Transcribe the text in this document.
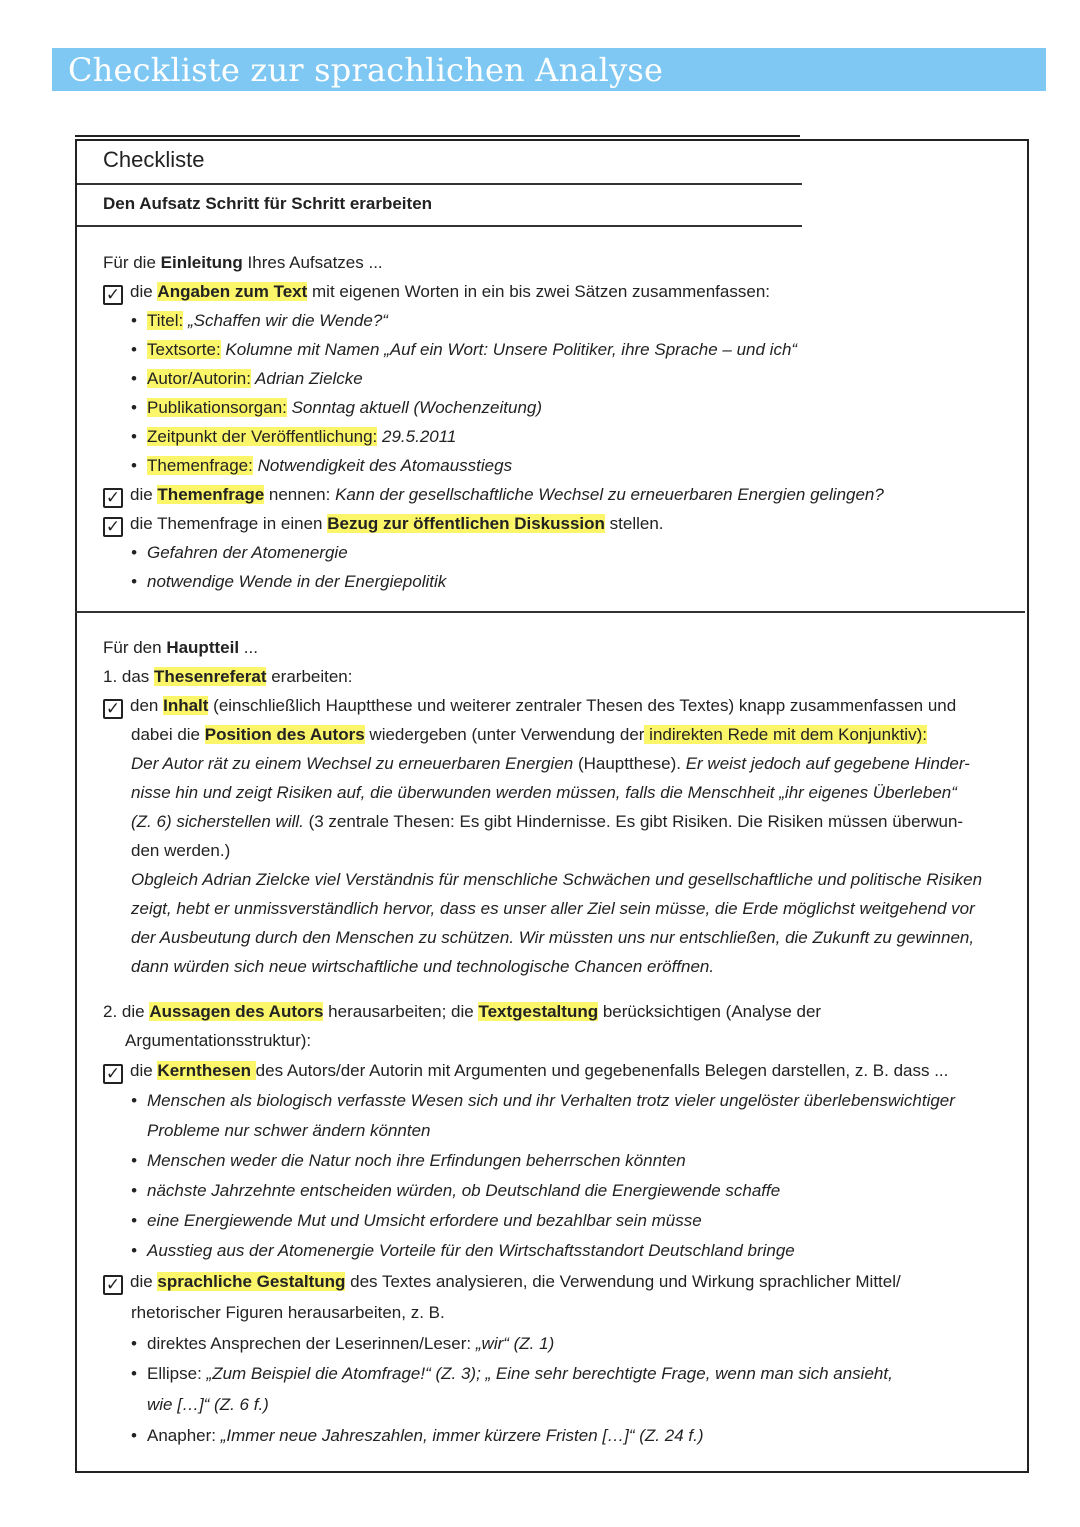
Checkliste zur sprachlichen Analyse
Checkliste
Den Aufsatz Schritt für Schritt erarbeiten
Für die Einleitung Ihres Aufsatzes ...
✓ die Angaben zum Text mit eigenen Worten in ein bis zwei Sätzen zusammenfassen:
• Titel: „Schaffen wir die Wende?“
• Textsorte: Kolumne mit Namen „Auf ein Wort: Unsere Politiker, ihre Sprache – und ich“
• Autor/Autorin: Adrian Zielcke
• Publikationsorgan: Sonntag aktuell (Wochenzeitung)
• Zeitpunkt der Veröffentlichung: 29.5.2011
• Themenfrage: Notwendigkeit des Atomausstiegs
✓ die Themenfrage nennen: Kann der gesellschaftliche Wechsel zu erneuerbaren Energien gelingen?
✓ die Themenfrage in einen Bezug zur öffentlichen Diskussion stellen.
• Gefahren der Atomenergie
• notwendige Wende in der Energiepolitik
Für den Hauptteil ...
1. das Thesenreferat erarbeiten:
✓ den Inhalt (einschließlich Hauptthese und weiterer zentraler Thesen des Textes) knapp zusammenfassen und
dabei die Position des Autors wiedergeben (unter Verwendung der indirekten Rede mit dem Konjunktiv):
Der Autor rät zu einem Wechsel zu erneuerbaren Energien (Hauptthese). Er weist jedoch auf gegebene Hinder-
nisse hin und zeigt Risiken auf, die überwunden werden müssen, falls die Menschheit „ihr eigenes Überleben“
(Z. 6) sicherstellen will. (3 zentrale Thesen: Es gibt Hindernisse. Es gibt Risiken. Die Risiken müssen überwun-
den werden.)
Obgleich Adrian Zielcke viel Verständnis für menschliche Schwächen und gesellschaftliche und politische Risiken
zeigt, hebt er unmissverständlich hervor, dass es unser aller Ziel sein müsse, die Erde möglichst weitgehend vor
der Ausbeutung durch den Menschen zu schützen. Wir müssten uns nur entschließen, die Zukunft zu gewinnen,
dann würden sich neue wirtschaftliche und technologische Chancen eröffnen.
2. die Aussagen des Autors herausarbeiten; die Textgestaltung berücksichtigen (Analyse der
Argumentationsstruktur):
✓ die Kernthesen des Autors/der Autorin mit Argumenten und gegebenenfalls Belegen darstellen, z. B. dass ...
• Menschen als biologisch verfasste Wesen sich und ihr Verhalten trotz vieler ungelöster überlebenswichtiger
Probleme nur schwer ändern könnten
• Menschen weder die Natur noch ihre Erfindungen beherrschen könnten
• nächste Jahrzehnte entscheiden würden, ob Deutschland die Energiewende schaffe
• eine Energiewende Mut und Umsicht erfordere und bezahlbar sein müsse
• Ausstieg aus der Atomenergie Vorteile für den Wirtschaftsstandort Deutschland bringe
✓ die sprachliche Gestaltung des Textes analysieren, die Verwendung und Wirkung sprachlicher Mittel/
rhetorischer Figuren herausarbeiten, z. B.
• direktes Ansprechen der Leserinnen/Leser: „wir“ (Z. 1)
• Ellipse: „Zum Beispiel die Atomfrage!“ (Z. 3); „ Eine sehr berechtigte Frage, wenn man sich ansieht,
wie […]“ (Z. 6 f.)
• Anapher: „Immer neue Jahreszahlen, immer kürzere Fristen […]“ (Z. 24 f.)
